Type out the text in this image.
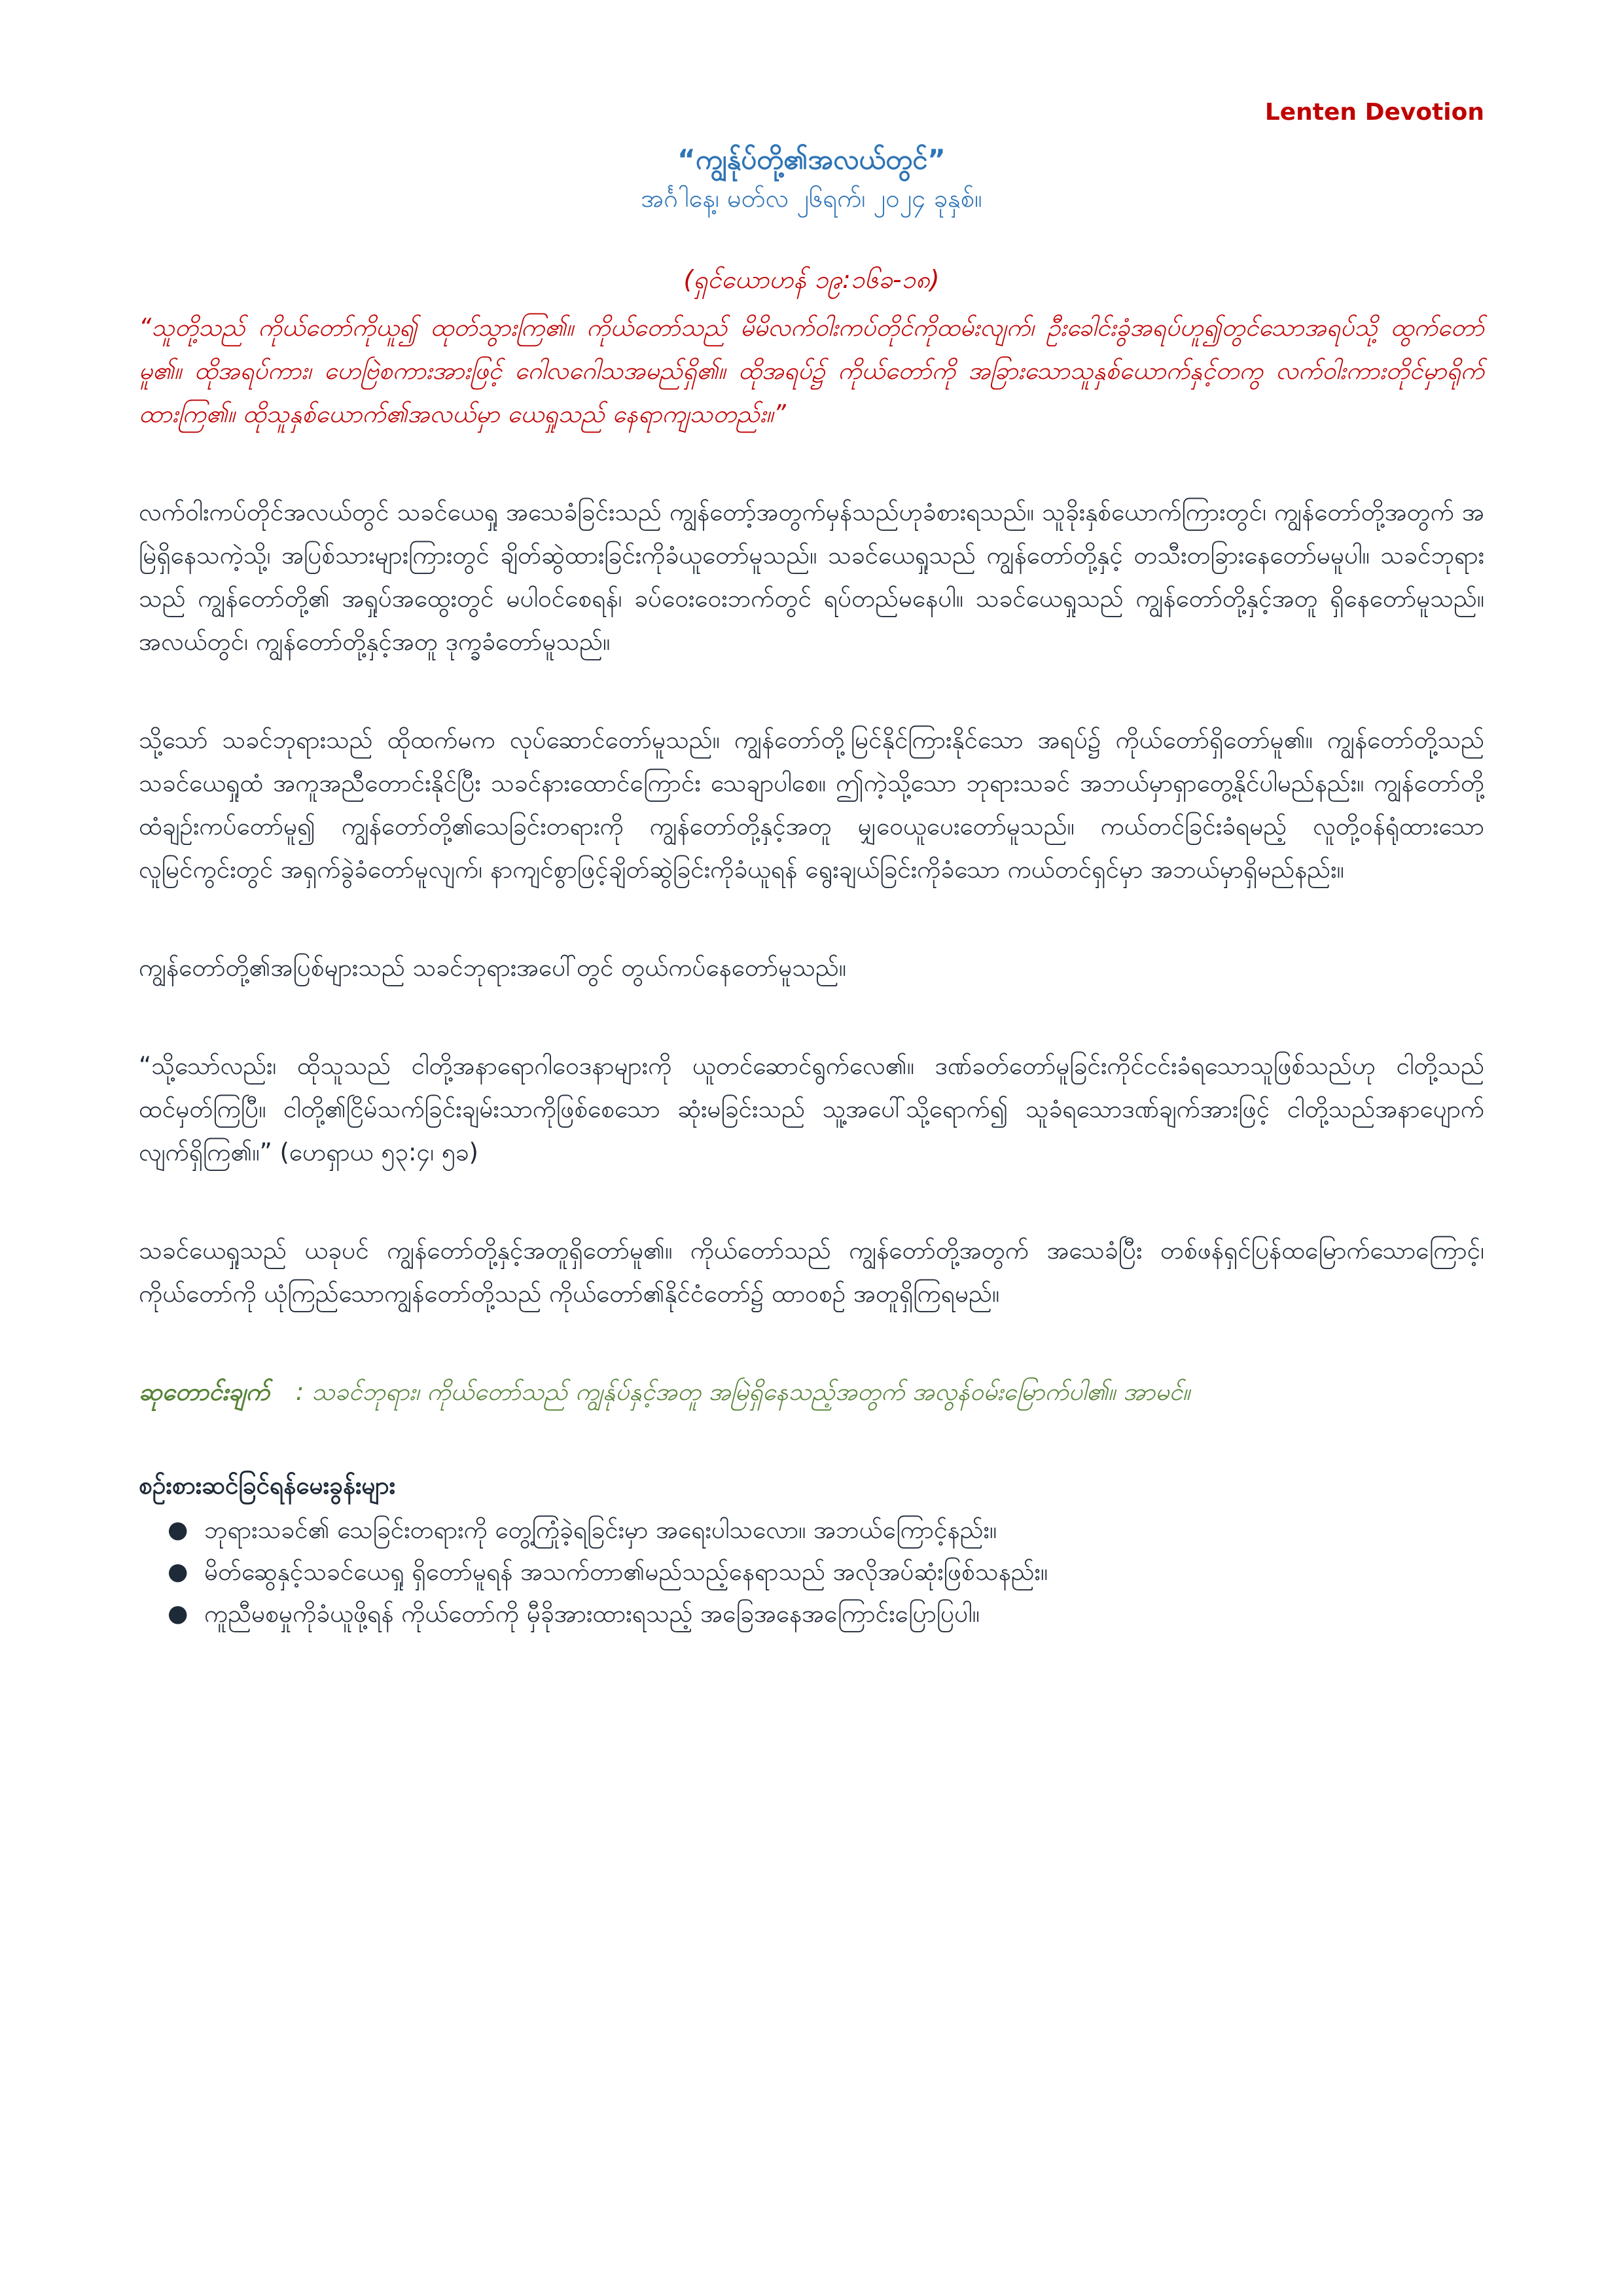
Lenten Devotion
“ကျွန်ုပ်တို့၏အလယ်တွင်”
အင်္ဂါနေ့၊ မတ်လ ၂၆ရက်၊ ၂၀၂၄ ခုနှစ်။
(ရှင်ယောဟန် ၁၉:၁၆ခ-၁၈)

“သူတို့သည် ကိုယ်တော်ကိုယူ၍ ထုတ်သွားကြ၏။ ကိုယ်တော်သည် မိမိလက်ဝါးကပ်တိုင်ကိုထမ်းလျက်၊ ဦးခေါင်းခွံအရပ်ဟူ၍တွင်သောအရပ်သို့ ထွက်တော်မူ၏။ ထိုအရပ်ကား၊ ဟေဗြဲစကားအားဖြင့် ဂေါလဂေါသအမည်ရှိ၏။ ထိုအရပ်၌ ကိုယ်တော်ကို အခြားသောသူနှစ်ယောက်နှင့်တကွ လက်ဝါးကားတိုင်မှာရိုက်ထားကြ၏။ ထိုသူနှစ်ယောက်၏အလယ်မှာ ယေရှုသည် နေရာကျသတည်း။”

လက်ဝါးကပ်တိုင်အလယ်တွင် သခင်ယေရှု အသေခံခြင်းသည် ကျွန်တော့်အတွက်မှန်သည်ဟုခံစားရသည်။ သူခိုးနှစ်ယောက်ကြားတွင်၊ ကျွန်တော်တို့အတွက် အမြဲရှိနေသကဲ့သို့၊ အပြစ်သားများကြားတွင် ချိတ်ဆွဲထားခြင်းကိုခံယူတော်မူသည်။ သခင်ယေရှုသည် ကျွန်တော်တို့နှင့် တသီးတခြားနေတော်မမူပါ။ သခင်ဘုရားသည် ကျွန်တော်တို့၏ အရှုပ်အထွေးတွင် မပါဝင်စေရန်၊ ခပ်ဝေးဝေးဘက်တွင် ရပ်တည်မနေပါ။ သခင်ယေရှုသည် ကျွန်တော်တို့နှင့်အတူ ရှိနေတော်မူသည်။ အလယ်တွင်၊ ကျွန်တော်တို့နှင့်အတူ ဒုက္ခခံတော်မူသည်။

သို့သော် သခင်ဘုရားသည် ထိုထက်မက လုပ်ဆောင်တော်မူသည်။ ကျွန်တော်တို့မြင်နိုင်ကြားနိုင်သော အရပ်၌ ကိုယ်တော်ရှိတော်မူ၏။ ကျွန်တော်တို့သည် သခင်ယေရှုထံ အကူအညီတောင်းနိုင်ပြီး သခင်နားထောင်ကြောင်း သေချာပါစေ။ ဤကဲ့သို့သော ဘုရားသခင် အဘယ်မှာရှာတွေ့နိုင်ပါမည်နည်း။ ကျွန်တော်တို့ထံချဉ်းကပ်တော်မူ၍ ကျွန်တော်တို့၏သေခြင်းတရားကို ကျွန်တော်တို့နှင့်အတူ မျှဝေယူပေးတော်မူသည်။ ကယ်တင်ခြင်းခံရမည့် လူတို့ဝန်ရုံထားသောလူမြင်ကွင်းတွင် အရှက်ခွဲခံတော်မူလျက်၊ နာကျင်စွာဖြင့်ချိတ်ဆွဲခြင်းကိုခံယူရန် ရွေးချယ်ခြင်းကိုခံသော ကယ်တင်ရှင်မှာ အဘယ်မှာရှိမည်နည်း။

ကျွန်တော်တို့၏အပြစ်များသည် သခင်ဘုရားအပေါ်တွင် တွယ်ကပ်နေတော်မူသည်။

“သို့သော်လည်း၊ ထိုသူသည် ငါတို့အနာရောဂါဝေဒနာများကို ယူတင်ဆောင်ရွက်လေ၏။ ဒဏ်ခတ်တော်မူခြင်းကိုင်ငင်းခံရသောသူဖြစ်သည်ဟု ငါတို့သည်ထင်မှတ်ကြပြီ။ ငါတို့၏ငြိမ်သက်ခြင်းချမ်းသာကိုဖြစ်စေသော ဆုံးမခြင်းသည် သူ့အပေါ်သို့ရောက်၍ သူခံရသောဒဏ်ချက်အားဖြင့် ငါတို့သည်အနာပျောက်လျက်ရှိကြ၏။” (ဟေရှာယ ၅၃:၄၊ ၅ခ)

သခင်ယေရှုသည် ယခုပင် ကျွန်တော်တို့နှင့်အတူရှိတော်မူ၏။ ကိုယ်တော်သည် ကျွန်တော်တို့အတွက် အသေခံပြီး တစ်ဖန်ရှင်ပြန်ထမြောက်သောကြောင့်၊ ကိုယ်တော်ကို ယုံကြည်သောကျွန်တော်တို့သည် ကိုယ်တော်၏နိုင်ငံတော်၌ ထာဝစဉ် အတူရှိကြရမည်။

ဆုတောင်းချက် : သခင်ဘုရား၊ ကိုယ်တော်သည် ကျွန်ုပ်နှင့်အတူ အမြဲရှိနေသည့်အတွက် အလွန်ဝမ်းမြောက်ပါ၏။ အာမင်။

စဉ်းစားဆင်ခြင်ရန်မေးခွန်းများ
● ဘုရားသခင်၏ သေခြင်းတရားကို တွေ့ကြုံခဲ့ရခြင်းမှာ အရေးပါသလော။ အဘယ်ကြောင့်နည်း။
● မိတ်ဆွေနှင့်သခင်ယေရှု ရှိတော်မူရန် အသက်တာ၏မည်သည့်နေရာသည် အလိုအပ်ဆုံးဖြစ်သနည်း။
● ကူညီမစမှုကိုခံယူဖို့ရန် ကိုယ်တော်ကို မှီခိုအားထားရသည့် အခြေအနေအကြောင်းပြောပြပါ။
